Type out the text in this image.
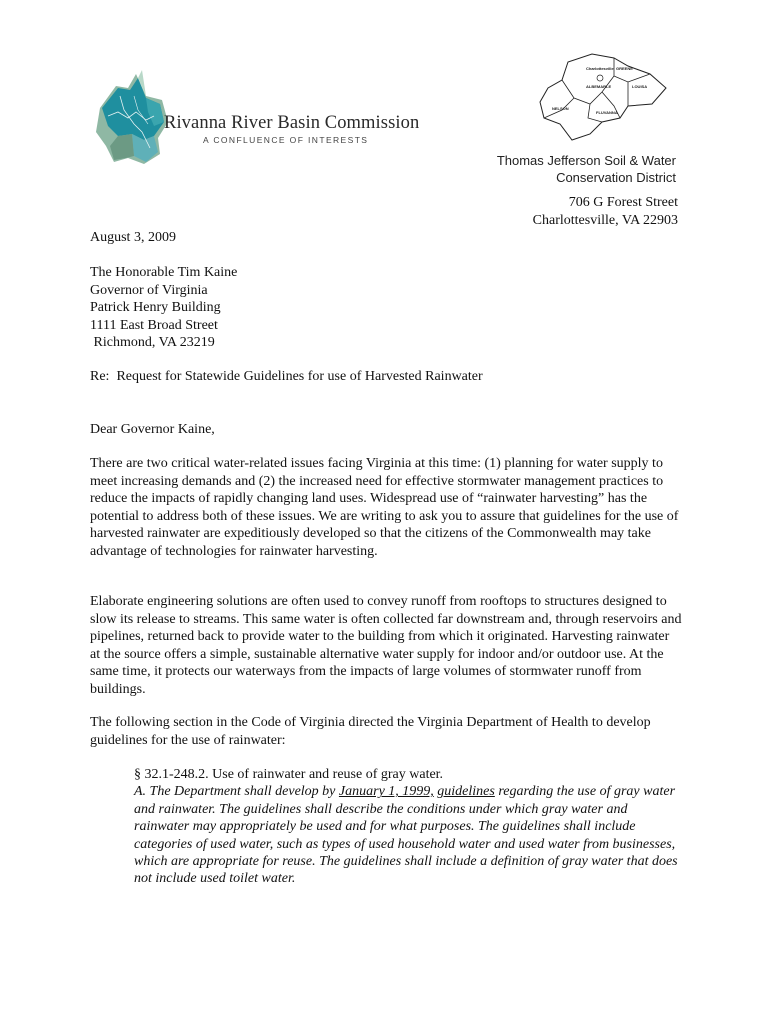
Rivanna River Basin Commission
A CONFLUENCE OF INTERESTS
Charlottesville
ALBEMARLE	LOUISA
GREENE
NELSON
FLUVANNA
Thomas Jefferson Soil & Water
Conservation District
706 G Forest Street
Charlottesville, VA 22903
August 3, 2009
The Honorable Tim Kaine
Governor of Virginia
Patrick Henry Building
1111 East Broad Street
Richmond, VA 23219
Re:  Request for Statewide Guidelines for use of Harvested Rainwater
Dear Governor Kaine,

There are two critical water-related issues facing Virginia at this time: (1) planning for water supply to meet increasing demands and (2) the increased need for effective stormwater management practices to reduce the impacts of rapidly changing land uses. Widespread use of “rainwater harvesting” has the potential to address both of these issues. We are writing to ask you to assure that guidelines for the use of harvested rainwater are expeditiously developed so that the citizens of the Commonwealth may take advantage of technologies for rainwater harvesting.

Elaborate engineering solutions are often used to convey runoff from rooftops to structures designed to slow its release to streams. This same water is often collected far downstream and, through reservoirs and pipelines, returned back to provide water to the building from which it originated. Harvesting rainwater at the source offers a simple, sustainable alternative water supply for indoor and/or outdoor use. At the same time, it protects our waterways from the impacts of large volumes of stormwater runoff from buildings.

The following section in the Code of Virginia directed the Virginia Department of Health to develop guidelines for the use of rainwater:

§ 32.1-248.2. Use of rainwater and reuse of gray water.
A. The Department shall develop by January 1, 1999, guidelines regarding the use of gray water and rainwater. The guidelines shall describe the conditions under which gray water and rainwater may appropriately be used and for what purposes. The guidelines shall include categories of used water, such as types of used household water and used water from businesses, which are appropriate for reuse. The guidelines shall include a definition of gray water that does not include used toilet water.
